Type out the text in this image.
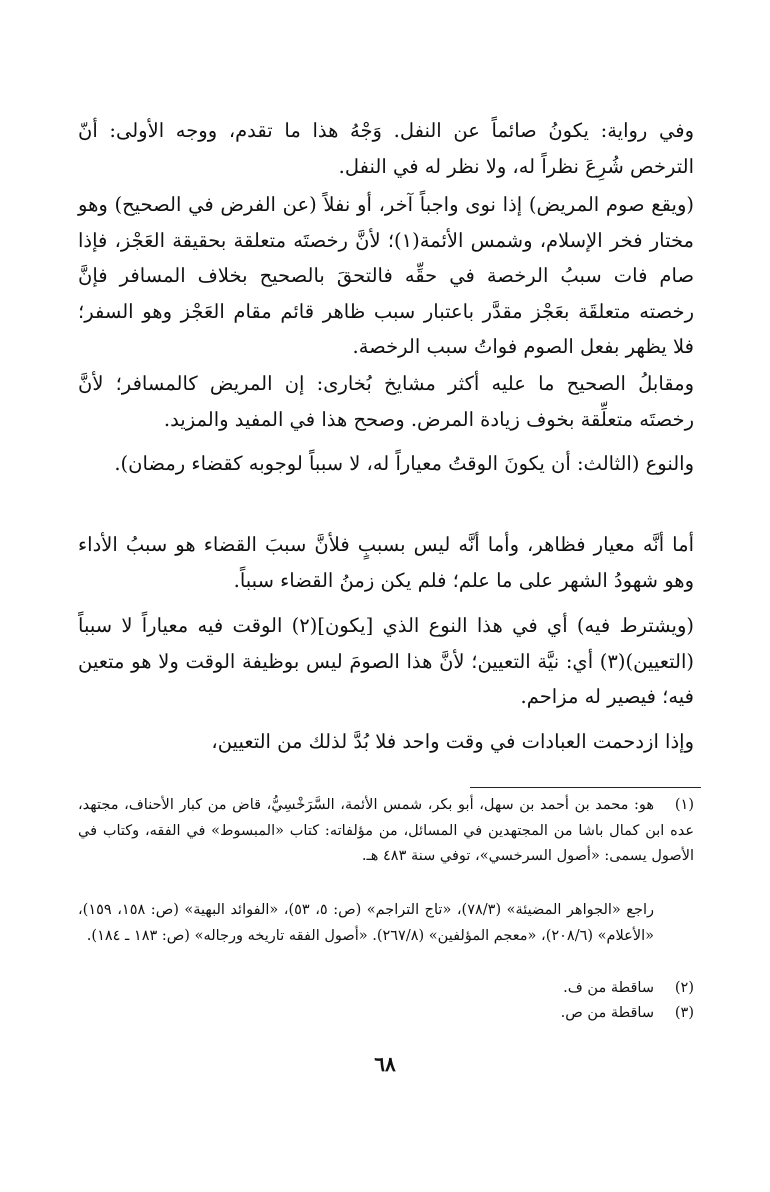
وفي رواية: يكونُ صائماً عن النفل. وَجْهُ هذا ما تقدم، ووجه الأولى: أنّ الترخص شُرِعَ نظراً له، ولا نظر له في النفل.

(ويقع صوم المريض) إذا نوى واجباً آخر، أو نفلاً (عن الفرض في الصحيح) وهو مختار فخر الإسلام، وشمس الأئمة(١)؛ لأنَّ رخصتَه متعلقة بحقيقة العَجْز، فإذا صام فات سببُ الرخصة في حقِّه فالتحقَ بالصحيح بخلاف المسافر فإنَّ رخصته متعلقَة بعَجْز مقدَّر باعتبار سبب ظاهر قائم مقام العَجْز وهو السفر؛ فلا يظهر بفعل الصوم فواتُ سبب الرخصة.

ومقابلُ الصحيح ما عليه أكثر مشايخ بُخارى: إن المريض كالمسافر؛ لأنَّ رخصتَه متعلِّقة بخوف زيادة المرض. وصحح هذا في المفيد والمزيد.

والنوع (الثالث: أن يكونَ الوقتُ معياراً له، لا سبباً لوجوبه كقضاء رمضان).

أما أنَّه معيار فظاهر، وأما أنَّه ليس بسببٍ فلأنَّ سببَ القضاء هو سببُ الأداء وهو شهودُ الشهر على ما علم؛ فلم يكن زمنُ القضاء سبباً.

(ويشترط فيه) أي في هذا النوع الذي [يكون](٢) الوقت فيه معياراً لا سبباً (التعيين)(٣) أي: نيَّة التعيين؛ لأنَّ هذا الصومَ ليس بوظيفة الوقت ولا هو متعين فيه؛ فيصير له مزاحم.

وإذا ازدحمت العبادات في وقت واحد فلا بُدَّ لذلك من التعيين،

(١)هو: محمد بن أحمد بن سهل، أبو بكر، شمس الأئمة، السَّرَخْسِيُّ، قاض من كبار الأحناف، مجتهد، عده ابن كمال باشا من المجتهدين في المسائل، من مؤلفاته: كتاب «المبسوط» في الفقه، وكتاب في الأصول يسمى: «أصول السرخسي»، توفي سنة ٤٨٣ هـ.

راجع «الجواهر المضيئة» (٧٨/٣)، «تاج التراجم» (ص: ٥، ٥٣)، «الفوائد البهية» (ص: ١٥٨، ١٥٩)، «الأعلام» (٢٠٨/٦)، «معجم المؤلفين» (٢٦٧/٨). «أصول الفقه تاريخه ورجاله» (ص: ١٨٣ ـ ١٨٤).

(٢)ساقطة من ف.

(٣)ساقطة من ص.

٦٨
